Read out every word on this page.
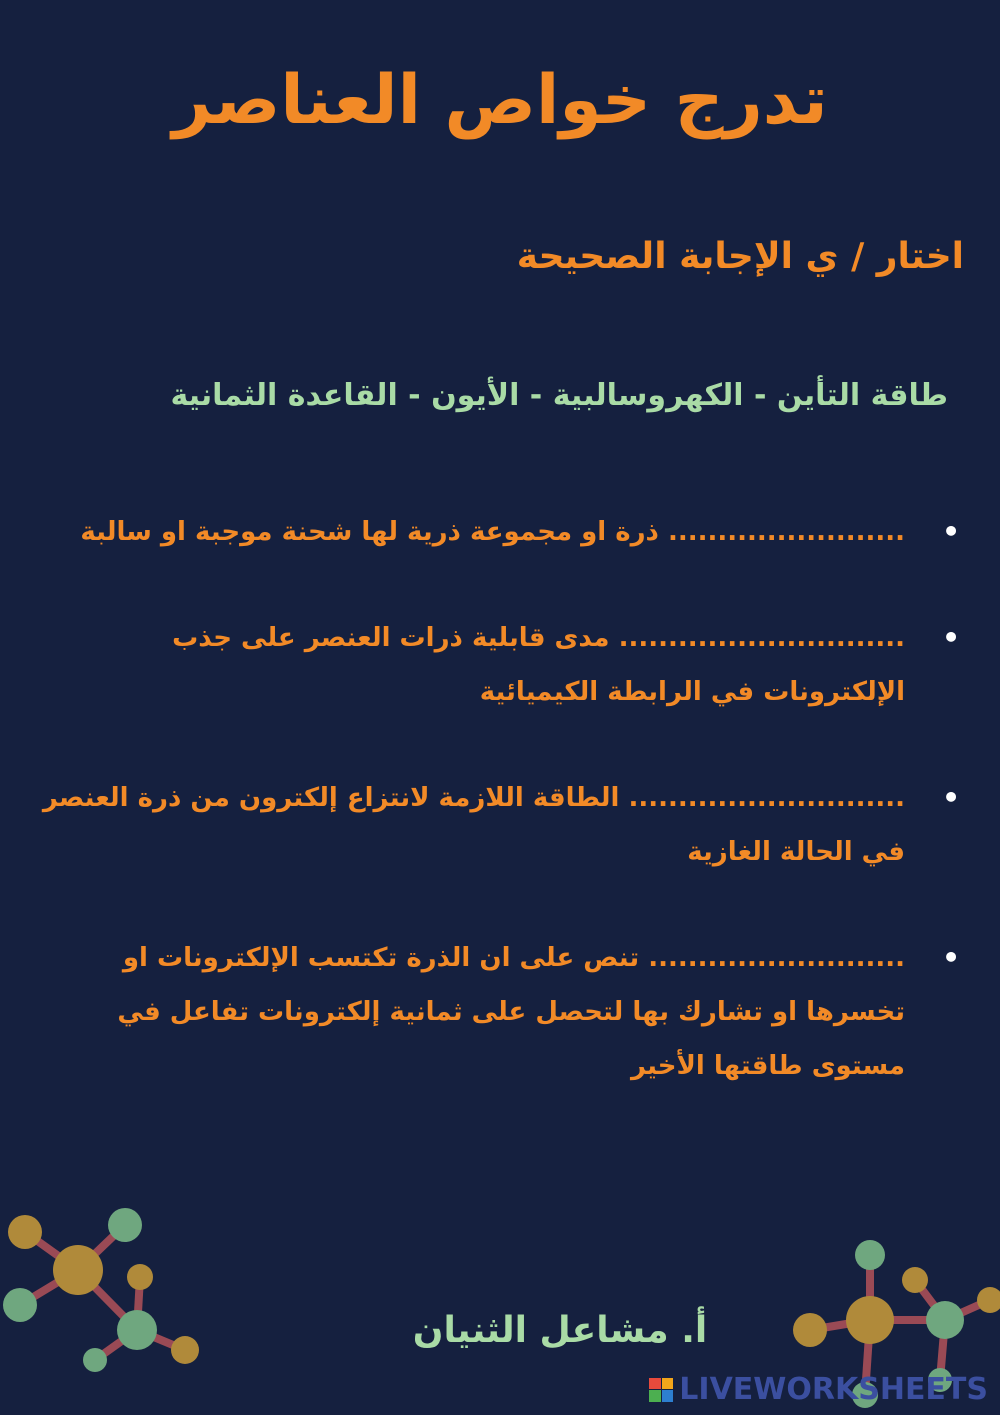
تدرج خواص العناصر
اختار / ي الإجابة الصحيحة
طاقة التأين - الكهروسالبية - الأيون - القاعدة الثمانية
•
........................ ذرة او مجموعة ذرية لها شحنة موجبة او سالبة
•
............................. مدى قابلية ذرات العنصر على جذب الإلكترونات في الرابطة الكيميائية
•
............................ الطاقة اللازمة لانتزاع إلكترون من ذرة العنصر في الحالة الغازية
•
.......................... تنص على ان الذرة تكتسب الإلكترونات او تخسرها او تشارك بها لتحصل على ثمانية إلكترونات تفاعل في مستوى طاقتها الأخير
أ. مشاعل الثنيان
LIVEWORKSHEETS
